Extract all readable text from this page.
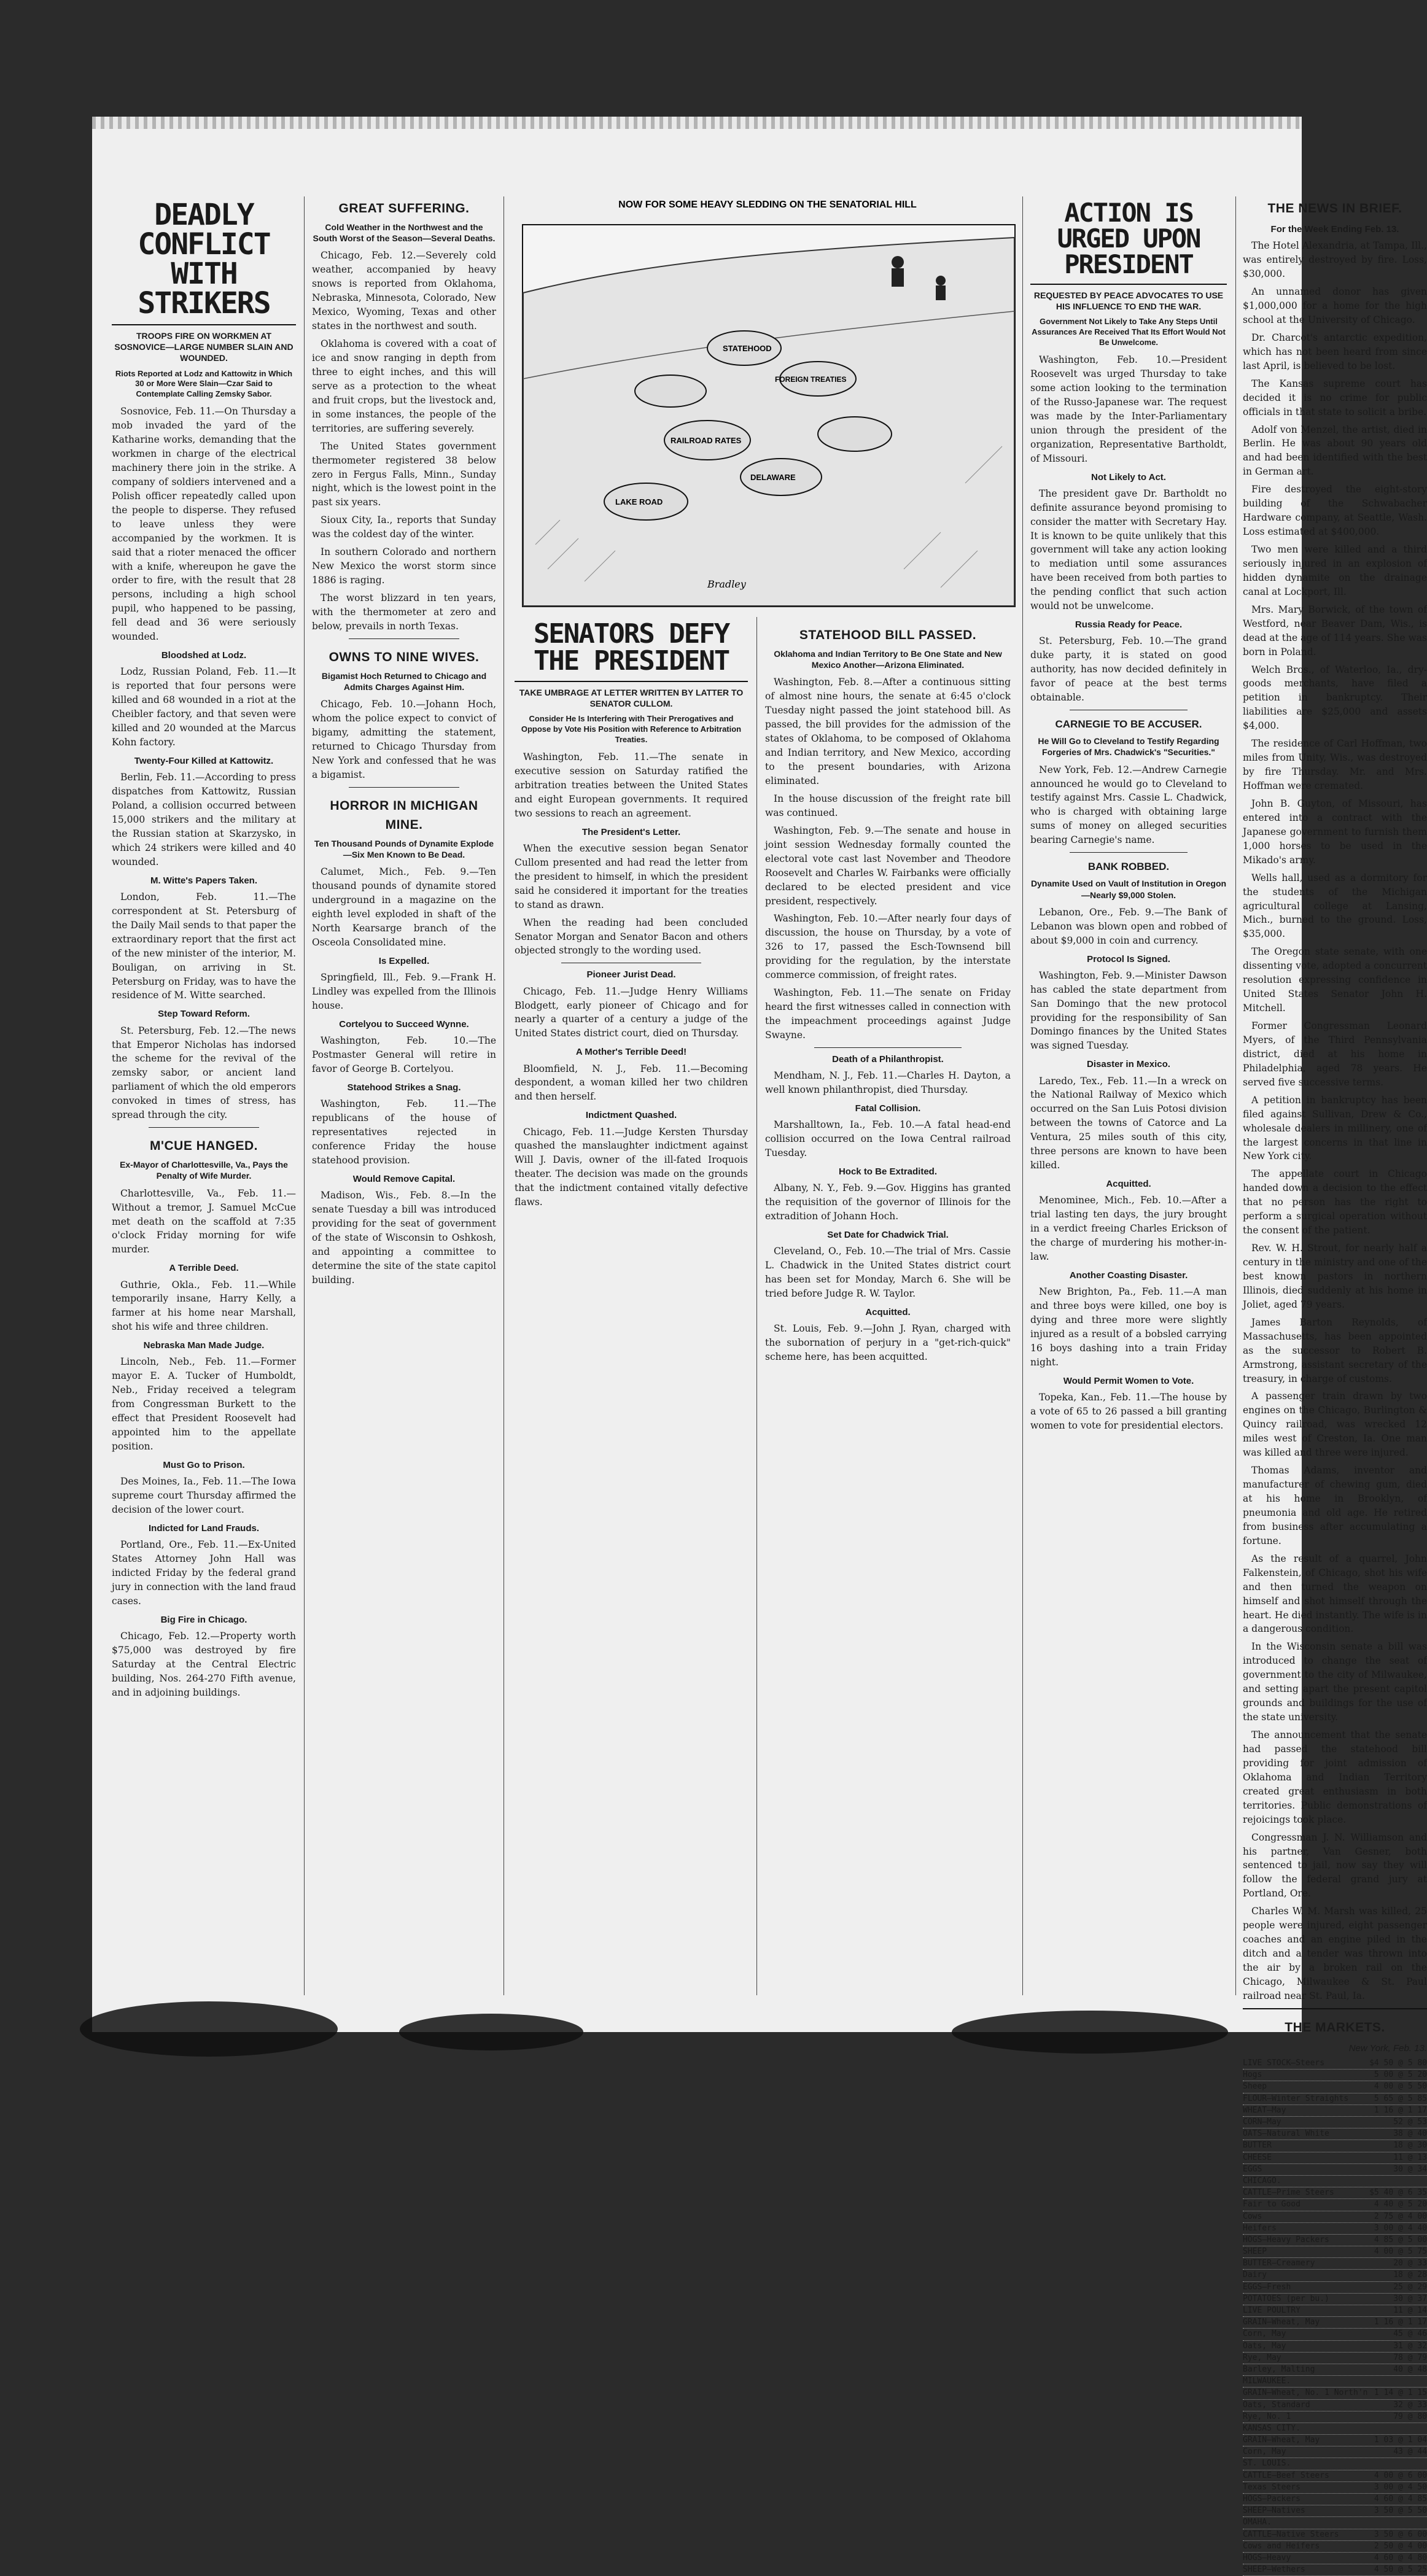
DEADLY CONFLICT WITH STRIKERS
TROOPS FIRE ON WORKMEN AT SOSNOVICE—LARGE NUMBER SLAIN AND WOUNDED.
Riots Reported at Lodz and Kattowitz in Which 30 or More Were Slain—Czar Said to Contemplate Calling Zemsky Sabor.

Sosnovice, Feb. 11.—On Thursday a mob invaded the yard of the Katharine works, demanding that the workmen in charge of the electrical machinery there join in the strike. A company of soldiers intervened and a Polish officer repeatedly called upon the people to disperse. They refused to leave unless they were accompanied by the workmen. It is said that a rioter menaced the officer with a knife, whereupon he gave the order to fire, with the result that 28 persons, including a high school pupil, who happened to be passing, fell dead and 36 were seriously wounded.

Bloodshed at Lodz.

Lodz, Russian Poland, Feb. 11.—It is reported that four persons were killed and 68 wounded in a riot at the Cheibler factory, and that seven were killed and 20 wounded at the Marcus Kohn factory.

Twenty-Four Killed at Kattowitz.

Berlin, Feb. 11.—According to press dispatches from Kattowitz, Russian Poland, a collision occurred between 15,000 strikers and the military at the Russian station at Skarzysko, in which 24 strikers were killed and 40 wounded.

M. Witte's Papers Taken.

London, Feb. 11.—The correspondent at St. Petersburg of the Daily Mail sends to that paper the extraordinary report that the first act of the new minister of the interior, M. Bouligan, on arriving in St. Petersburg on Friday, was to have the residence of M. Witte searched.

Step Toward Reform.

St. Petersburg, Feb. 12.—The news that Emperor Nicholas has indorsed the scheme for the revival of the zemsky sabor, or ancient land parliament of which the old emperors convoked in times of stress, has spread through the city.

M'CUE HANGED.
Ex-Mayor of Charlottesville, Va., Pays the Penalty of Wife Murder.

Charlottesville, Va., Feb. 11.—Without a tremor, J. Samuel McCue met death on the scaffold at 7:35 o'clock Friday morning for wife murder.

A Terrible Deed.

Guthrie, Okla., Feb. 11.—While temporarily insane, Harry Kelly, a farmer at his home near Marshall, shot his wife and three children.

Nebraska Man Made Judge.

Lincoln, Neb., Feb. 11.—Former mayor E. A. Tucker of Humboldt, Neb., Friday received a telegram from Congressman Burkett to the effect that President Roosevelt had appointed him to the appellate position.

Must Go to Prison.

Des Moines, Ia., Feb. 11.—The Iowa supreme court Thursday affirmed the decision of the lower court.

Indicted for Land Frauds.

Portland, Ore., Feb. 11.—Ex-United States Attorney John Hall was indicted Friday by the federal grand jury in connection with the land fraud cases.

Big Fire in Chicago.

Chicago, Feb. 12.—Property worth $75,000 was destroyed by fire Saturday at the Central Electric building, Nos. 264-270 Fifth avenue, and in adjoining buildings.

GREAT SUFFERING.
Cold Weather in the Northwest and the South Worst of the Season—Several Deaths.

Chicago, Feb. 12.—Severely cold weather, accompanied by heavy snows is reported from Oklahoma, Nebraska, Minnesota, Colorado, New Mexico, Wyoming, Texas and other states in the northwest and south.

Oklahoma is covered with a coat of ice and snow ranging in depth from three to eight inches, and this will serve as a protection to the wheat and fruit crops, but the livestock and, in some instances, the people of the territories, are suffering severely.

The United States government thermometer registered 38 below zero in Fergus Falls, Minn., Sunday night, which is the lowest point in the past six years.

Sioux City, Ia., reports that Sunday was the coldest day of the winter.

In southern Colorado and northern New Mexico the worst storm since 1886 is raging.

The worst blizzard in ten years, with the thermometer at zero and below, prevails in north Texas.

OWNS TO NINE WIVES.
Bigamist Hoch Returned to Chicago and Admits Charges Against Him.

Chicago, Feb. 10.—Johann Hoch, whom the police expect to convict of bigamy, admitting the statement, returned to Chicago Thursday from New York and confessed that he was a bigamist.

HORROR IN MICHIGAN MINE.
Ten Thousand Pounds of Dynamite Explode—Six Men Known to Be Dead.

Calumet, Mich., Feb. 9.—Ten thousand pounds of dynamite stored underground in a magazine on the eighth level exploded in shaft of the North Kearsarge branch of the Osceola Consolidated mine.

Is Expelled.

Springfield, Ill., Feb. 9.—Frank H. Lindley was expelled from the Illinois house.

Cortelyou to Succeed Wynne.

Washington, Feb. 10.—The Postmaster General will retire in favor of George B. Cortelyou.

Statehood Strikes a Snag.

Washington, Feb. 11.—The republicans of the house of representatives rejected in conference Friday the house statehood provision.

Would Remove Capital.

Madison, Wis., Feb. 8.—In the senate Tuesday a bill was introduced providing for the seat of government of the state of Wisconsin to Oshkosh, and appointing a committee to determine the site of the state capitol building.

NOW FOR SOME HEAVY SLEDDING ON THE SENATORIAL HILL
STATEHOOD
FOREIGN TREATIES
RAILROAD RATES
DELAWARE
LAKE ROAD
Bradley
SENATORS DEFY THE PRESIDENT
TAKE UMBRAGE AT LETTER WRITTEN BY LATTER TO SENATOR CULLOM.
Consider He Is Interfering with Their Prerogatives and Oppose by Vote His Position with Reference to Arbitration Treaties.

Washington, Feb. 11.—The senate in executive session on Saturday ratified the arbitration treaties between the United States and eight European governments. It required two sessions to reach an agreement.

The President's Letter.

When the executive session began Senator Cullom presented and had read the letter from the president to himself, in which the president said he considered it important for the treaties to stand as drawn.

When the reading had been concluded Senator Morgan and Senator Bacon and others objected strongly to the wording used.

Pioneer Jurist Dead.

Chicago, Feb. 11.—Judge Henry Williams Blodgett, early pioneer of Chicago and for nearly a quarter of a century a judge of the United States district court, died on Thursday.

A Mother's Terrible Deed!

Bloomfield, N. J., Feb. 11.—Becoming despondent, a woman killed her two children and then herself.

Indictment Quashed.

Chicago, Feb. 11.—Judge Kersten Thursday quashed the manslaughter indictment against Will J. Davis, owner of the ill-fated Iroquois theater. The decision was made on the grounds that the indictment contained vitally defective flaws.

STATEHOOD BILL PASSED.
Oklahoma and Indian Territory to Be One State and New Mexico Another—Arizona Eliminated.

Washington, Feb. 8.—After a continuous sitting of almost nine hours, the senate at 6:45 o'clock Tuesday night passed the joint statehood bill. As passed, the bill provides for the admission of the states of Oklahoma, to be composed of Oklahoma and Indian territory, and New Mexico, according to the present boundaries, with Arizona eliminated.

In the house discussion of the freight rate bill was continued.

Washington, Feb. 9.—The senate and house in joint session Wednesday formally counted the electoral vote cast last November and Theodore Roosevelt and Charles W. Fairbanks were officially declared to be elected president and vice president, respectively.

Washington, Feb. 10.—After nearly four days of discussion, the house on Thursday, by a vote of 326 to 17, passed the Esch-Townsend bill providing for the regulation, by the interstate commerce commission, of freight rates.

Washington, Feb. 11.—The senate on Friday heard the first witnesses called in connection with the impeachment proceedings against Judge Swayne.

Death of a Philanthropist.

Mendham, N. J., Feb. 11.—Charles H. Dayton, a well known philanthropist, died Thursday.

Fatal Collision.

Marshalltown, Ia., Feb. 10.—A fatal head-end collision occurred on the Iowa Central railroad Tuesday.

Hock to Be Extradited.

Albany, N. Y., Feb. 9.—Gov. Higgins has granted the requisition of the governor of Illinois for the extradition of Johann Hoch.

Set Date for Chadwick Trial.

Cleveland, O., Feb. 10.—The trial of Mrs. Cassie L. Chadwick in the United States district court has been set for Monday, March 6. She will be tried before Judge R. W. Taylor.

Acquitted.

St. Louis, Feb. 9.—John J. Ryan, charged with the subornation of perjury in a "get-rich-quick" scheme here, has been acquitted.

ACTION IS URGED UPON PRESIDENT
REQUESTED BY PEACE ADVOCATES TO USE HIS INFLUENCE TO END THE WAR.
Government Not Likely to Take Any Steps Until Assurances Are Received That Its Effort Would Not Be Unwelcome.

Washington, Feb. 10.—President Roosevelt was urged Thursday to take some action looking to the termination of the Russo-Japanese war. The request was made by the Inter-Parliamentary union through the president of the organization, Representative Bartholdt, of Missouri.

Not Likely to Act.

The president gave Dr. Bartholdt no definite assurance beyond promising to consider the matter with Secretary Hay. It is known to be quite unlikely that this government will take any action looking to mediation until some assurances have been received from both parties to the pending conflict that such action would not be unwelcome.

Russia Ready for Peace.

St. Petersburg, Feb. 10.—The grand duke party, it is stated on good authority, has now decided definitely in favor of peace at the best terms obtainable.

CARNEGIE TO BE ACCUSER.
He Will Go to Cleveland to Testify Regarding Forgeries of Mrs. Chadwick's "Securities."

New York, Feb. 12.—Andrew Carnegie announced he would go to Cleveland to testify against Mrs. Cassie L. Chadwick, who is charged with obtaining large sums of money on alleged securities bearing Carnegie's name.

BANK ROBBED.
Dynamite Used on Vault of Institution in Oregon—Nearly $9,000 Stolen.

Lebanon, Ore., Feb. 9.—The Bank of Lebanon was blown open and robbed of about $9,000 in coin and currency.

Protocol Is Signed.

Washington, Feb. 9.—Minister Dawson has cabled the state department from San Domingo that the new protocol providing for the responsibility of San Domingo finances by the United States was signed Tuesday.

Disaster in Mexico.

Laredo, Tex., Feb. 11.—In a wreck on the National Railway of Mexico which occurred on the San Luis Potosi division between the towns of Catorce and La Ventura, 25 miles south of this city, three persons are known to have been killed.

Acquitted.

Menominee, Mich., Feb. 10.—After a trial lasting ten days, the jury brought in a verdict freeing Charles Erickson of the charge of murdering his mother-in-law.

Another Coasting Disaster.

New Brighton, Pa., Feb. 11.—A man and three boys were killed, one boy is dying and three more were slightly injured as a result of a bobsled carrying 16 boys dashing into a train Friday night.

Would Permit Women to Vote.

Topeka, Kan., Feb. 11.—The house by a vote of 65 to 26 passed a bill granting women to vote for presidential electors.

THE NEWS IN BRIEF.
For the Week Ending Feb. 13.

The Hotel Alexandria, at Tampa, Ill., was entirely destroyed by fire. Loss, $30,000.

An unnamed donor has given $1,000,000 for a home for the high school at the University of Chicago.

Dr. Charcot's antarctic expedition, which has not been heard from since last April, is believed to be lost.

The Kansas supreme court has decided it is no crime for public officials in that state to solicit a bribe.

Adolf von Menzel, the artist, died in Berlin. He was about 90 years old and had been identified with the best in German art.

Fire destroyed the eight-story building of the Schwabacher Hardware company, at Seattle, Wash. Loss estimated at $400,000.

Two men were killed and a third seriously injured in an explosion of hidden dynamite on the drainage canal at Lockport, Ill.

Mrs. Mary Borwick, of the town of Westford, near Beaver Dam, Wis., is dead at the age of 114 years. She was born in Poland.

Welch Bros., of Waterloo, Ia., dry-goods merchants, have filed a petition in bankruptcy. Their liabilities are $25,000 and assets $4,000.

The residence of Carl Hoffman, two miles from Unity, Wis., was destroyed by fire Thursday. Mr. and Mrs. Hoffman were cremated.

John B. Guyton, of Missouri, has entered into a contract with the Japanese government to furnish them 1,000 horses to be used in the Mikado's army.

Wells hall, used as a dormitory for the students of the Michigan agricultural college at Lansing, Mich., burned to the ground. Loss, $35,000.

The Oregon state senate, with one dissenting vote, adopted a concurrent resolution expressing confidence in United States Senator John H. Mitchell.

Former Congressman Leonard Myers, of the Third Pennsylvania district, died at his home in Philadelphia, aged 78 years. He served five successive terms.

A petition in bankruptcy has been filed against Sullivan, Drew & Co., wholesale dealers in millinery, one of the largest concerns in that line in New York city.

The appellate court in Chicago handed down a decision to the effect that no person has the right to perform a surgical operation without the consent of the patient.

Rev. W. H. Strout, for nearly half a century in the ministry and one of the best known pastors in northern Illinois, died suddenly at his home in Joliet, aged 79 years.

James Barton Reynolds, of Massachusetts, has been appointed as the successor to Robert B. Armstrong, assistant secretary of the treasury, in charge of customs.

A passenger train drawn by two engines on the Chicago, Burlington & Quincy railroad, was wrecked 12 miles west of Creston, Ia. One man was killed and three were injured.

Thomas Adams, inventor and manufacturer of chewing gum, died at his home in Brooklyn, of pneumonia and old age. He retired from business after accumulating a fortune.

As the result of a quarrel, John Falkenstein, of Chicago, shot his wife and then turned the weapon on himself and shot himself through the heart. He died instantly. The wife is in a dangerous condition.

In the Wisconsin senate a bill was introduced to change the seat of government to the city of Milwaukee, and setting apart the present capitol grounds and buildings for the use of the state university.

The announcement that the senate had passed the statehood bill providing for joint admission of Oklahoma and Indian Territory created great enthusiasm in both territories. Public demonstrations of rejoicings took place.

Congressman J. N. Williamson and his partner, Van Gesner, both sentenced to jail, now say they will follow the federal grand jury at Portland, Ore.

Charles W. M. Marsh was killed, 25 people were injured, eight passenger coaches and an engine piled in the ditch and a tender was thrown into the air by a broken rail on the Chicago, Milwaukee & St. Paul railroad near St. Paul, Ia.

THE MARKETS.
New York, Feb. 13.
LIVE STOCK—Steers	$4 50 @ 5 80
Hogs	5 00 @ 5 20
Sheep	4 00 @ 5 50
FLOUR—Winter Straights	5 65 @ 5 85
WHEAT—May	1 16 @ 1 17
CORN—May	52 @ 53
OATS—Natural White	38 @ 40
BUTTER	18 @ 30
CHEESE	11 @ 13
EGGS	30 @ 34
CHICAGO.
CATTLE—Prime Steers	$5 40 @ 6 35
Fair to Good	4 40 @ 5 20
Cows	2 75 @ 4 00
Heifers	3 00 @ 4 40
HOGS—Heavy Packers	4 85 @ 5 00
SHEEP	4 00 @ 5 75
BUTTER—Creamery	20 @ 33
Dairy	18 @ 28
EGGS—Fresh	25 @ 29
POTATOES (per bu.)	30 @ 37
LIVE POULTRY	11 @ 14
GRAIN—Wheat, May	1 16 @ 1 17
Corn, May	45 @ 46
Oats, May	31 @ 32
Rye, May	78 @ 79
Barley, Malting	40 @ 48
MILWAUKEE.
GRAIN—Wheat, No. 1 North'n 1 14 @ 1 15
Oats, Standard	32 @ 33
Rye, No. 1	79 @ 80
KANSAS CITY.
GRAIN—Wheat, May	1 03 @ 1 04
Corn, May	43 @ 44
ST. LOUIS.
CATTLE—Beef Steers	4 00 @ 6 00
Texas Steers	3 00 @ 4 50
HOGS—Packers	4 60 @ 4 85
SHEEP—Natives	3 50 @ 5 50
OMAHA.
CATTLE—Native Steers	3 50 @ 6 00
Cows and Heifers	2 50 @ 4 00
HOGS—Heavy	4 60 @ 4 80
SHEEP—Wethers	4 50 @ 5 25
